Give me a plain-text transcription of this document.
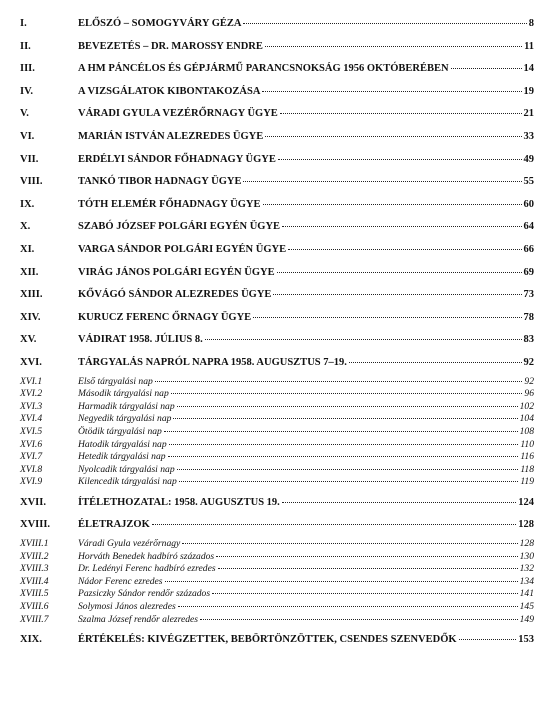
I.	ELŐSZÓ – SOMOGYVÁRY GÉZA	8
II.	BEVEZETÉS – DR. MAROSSY ENDRE	11
III.	A HM PÁNCÉLOS ÉS GÉPJÁRMŰ PARANCSNOKSÁG 1956 OKTÓBERÉBEN	14
IV.	A VIZSGÁLATOK KIBONTAKOZÁSA	19
V.	VÁRADI GYULA VEZÉRŐRNAGY ÜGYE	21
VI.	MARIÁN ISTVÁN ALEZREDES ÜGYE	33
VII.	ERDÉLYI SÁNDOR FŐHADNAGY ÜGYE	49
VIII.	TANKÓ TIBOR HADNAGY ÜGYE	55
IX.	TÓTH ELEMÉR FŐHADNAGY ÜGYE	60
X.	SZABÓ JÓZSEF POLGÁRI EGYÉN ÜGYE	64
XI.	VARGA SÁNDOR POLGÁRI EGYÉN ÜGYE	66
XII.	VIRÁG JÁNOS POLGÁRI EGYÉN ÜGYE	69
XIII.	KŐVÁGÓ SÁNDOR ALEZREDES ÜGYE	73
XIV.	KURUCZ FERENC ŐRNAGY ÜGYE	78
XV.	VÁDIRAT 1958. JÚLIUS 8.	83
XVI.	TÁRGYALÁS NAPRÓL NAPRA 1958. AUGUSZTUS 7–19.	92
XVI.1	Első tárgyalási nap	92
XVI.2	Második tárgyalási nap	96
XVI.3	Harmadik tárgyalási nap	102
XVI.4	Negyedik tárgyalási nap	104
XVI.5	Ötödik tárgyalási nap	108
XVI.6	Hatodik tárgyalási nap	110
XVI.7	Hetedik tárgyalási nap	116
XVI.8	Nyolcadik tárgyalási nap	118
XVI.9	Kilencedik tárgyalási nap	119
XVII.	ÍTÉLETHOZATAL: 1958. AUGUSZTUS 19.	124
XVIII.	ÉLETRAJZOK	128
XVIII.1	Váradi Gyula vezérőrnagy	128
XVIII.2	Horváth Benedek hadbíró százados	130
XVIII.3	Dr. Ledényi Ferenc hadbíró ezredes	132
XVIII.4	Nádor Ferenc ezredes	134
XVIII.5	Pazsiczky Sándor rendőr százados	141
XVIII.6	Solymosi János alezredes	145
XVIII.7	Szalma József rendőr alezredes	149
XIX.	ÉRTÉKELÉS: KIVÉGZETTEK, BEBÖRTÖNZÖTTEK, CSENDES SZENVEDŐK	153
